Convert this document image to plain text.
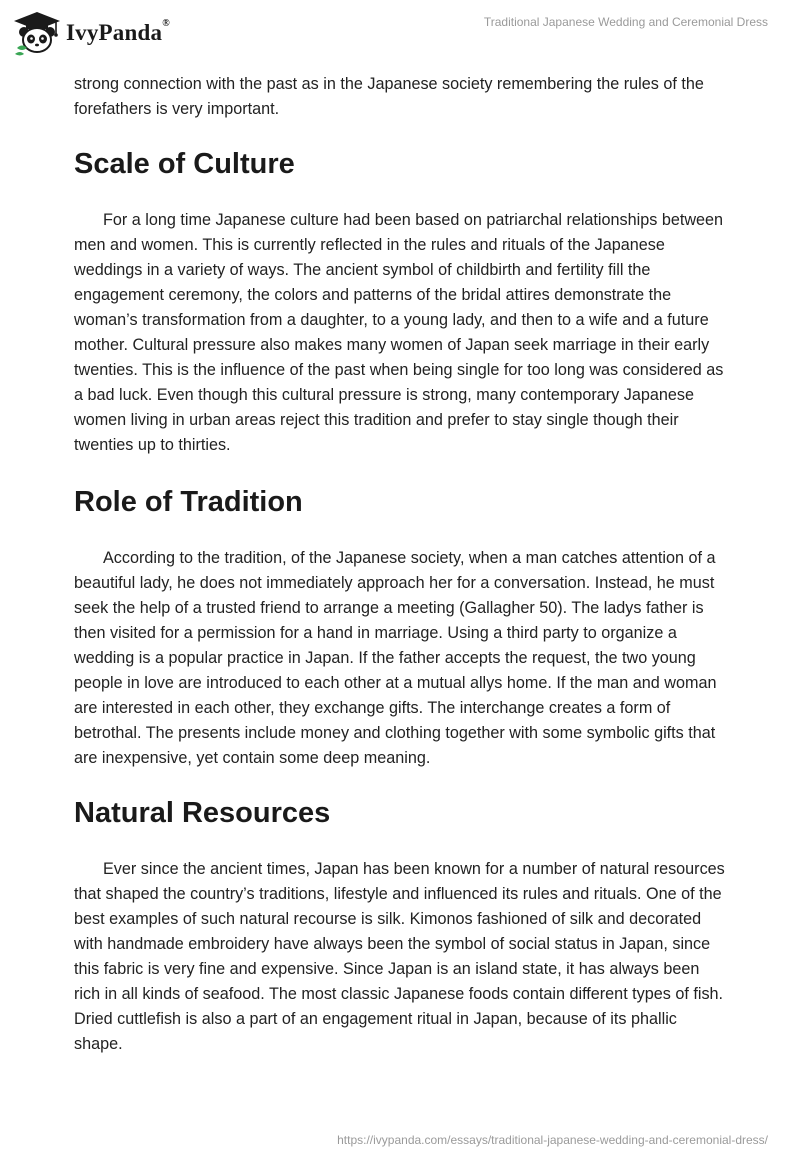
IvyPanda®	Traditional Japanese Wedding and Ceremonial Dress

strong connection with the past as in the Japanese society remembering the rules of the forefathers is very important.

Scale of Culture

For a long time Japanese culture had been based on patriarchal relationships between men and women. This is currently reflected in the rules and rituals of the Japanese weddings in a variety of ways. The ancient symbol of childbirth and fertility fill the engagement ceremony, the colors and patterns of the bridal attires demonstrate the woman’s transformation from a daughter, to a young lady, and then to a wife and a future mother. Cultural pressure also makes many women of Japan seek marriage in their early twenties. This is the influence of the past when being single for too long was considered as a bad luck. Even though this cultural pressure is strong, many contemporary Japanese women living in urban areas reject this tradition and prefer to stay single though their twenties up to thirties.

Role of Tradition

According to the tradition, of the Japanese society, when a man catches attention of a beautiful lady, he does not immediately approach her for a conversation. Instead, he must seek the help of a trusted friend to arrange a meeting (Gallagher 50). The ladys father is then visited for a permission for a hand in marriage. Using a third party to organize a wedding is a popular practice in Japan. If the father accepts the request, the two young people in love are introduced to each other at a mutual allys home. If the man and woman are interested in each other, they exchange gifts. The interchange creates a form of betrothal. The presents include money and clothing together with some symbolic gifts that are inexpensive, yet contain some deep meaning.

Natural Resources

Ever since the ancient times, Japan has been known for a number of natural resources that shaped the country’s traditions, lifestyle and influenced its rules and rituals. One of the best examples of such natural recourse is silk. Kimonos fashioned of silk and decorated with handmade embroidery have always been the symbol of social status in Japan, since this fabric is very fine and expensive. Since Japan is an island state, it has always been rich in all kinds of seafood. The most classic Japanese foods contain different types of fish. Dried cuttlefish is also a part of an engagement ritual in Japan, because of its phallic shape.

https://ivypanda.com/essays/traditional-japanese-wedding-and-ceremonial-dress/
